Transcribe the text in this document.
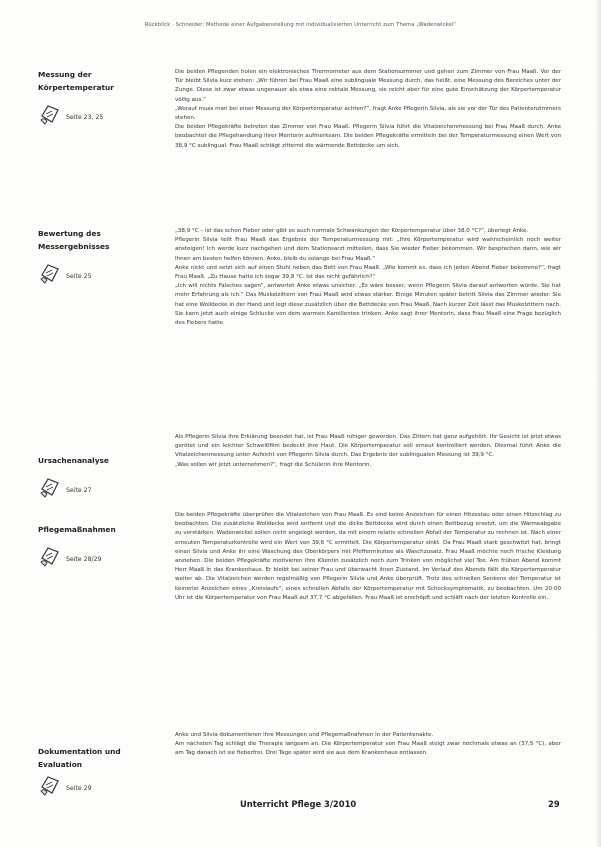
Rückblick · Schneider: Methode einer Aufgabenstellung mit individualisierten Unterricht zum Thema „Wadenwickel“
Messung der Körpertemperatur
Seite 23, 25

Die beiden Pflegenden holen ein elektronisches Thermometer aus dem Stationszimmer und gehen zum Zimmer von Frau Maaß. Vor der Tür bleibt Silvia kurz stehen: „Wir führen bei Frau Maaß eine sublinguale Messung durch, das heißt, eine Messung des Bereiches unter der Zunge. Diese ist zwar etwas ungenauer als etwa eine rektale Messung, sie reicht aber für eine gute Einschätzung der Körpertemperatur völlig aus.“

„Worauf muss man bei einer Messung der Körpertemperatur achten?“, fragt Anke Pflegerin Silvia, als sie vor der Tür des Patientenzimmers stehen.

Die beiden Pflegekräfte betreten das Zimmer von Frau Maaß. Pflegerin Silvia führt die Vitalzeichenmessung bei Frau Maaß durch. Anke beobachtet die Pflegehandlung ihrer Mentorin aufmerksam. Die beiden Pflegekräfte ermitteln bei der Temperaturmessung einen Wert von 38,9 °C sublingual. Frau Maaß schlägt zitternd die wärmende Bettdecke um sich.

Bewertung des Messergebnisses
Seite 25

„38,9 °C – ist das schon Fieber oder gibt es auch normale Schwankungen der Körpertemperatur über 38,0 °C?“, überlegt Anke.

Pflegerin Silvia teilt Frau Maaß das Ergebnis der Temperaturmessung mit: „Ihre Körpertemperatur wird wahrscheinlich noch weiter ansteigen! Ich werde kurz nachgehen und dem Stationsarzt mitteilen, dass Sie wieder Fieber bekommen. Wir besprechen dann, wie wir Ihnen am besten helfen können. Anke, bleib du solange bei Frau Maaß.“

Anke nickt und setzt sich auf einen Stuhl neben das Bett von Frau Maaß. „Wie kommt es, dass ich jeden Abend Fieber bekomme?“, fragt Frau Maaß. „Zu Hause hatte ich sogar 39,8 °C. Ist das nicht gefährlich?“

„Ich will nichts Falsches sagen“, antwortet Anke etwas unsicher. „Es wäre besser, wenn Pflegerin Silvia darauf antworten würde. Sie hat mehr Erfahrung als ich.“ Das Muskelzittern von Frau Maaß wird etwas stärker. Einige Minuten später betritt Silvia das Zimmer wieder. Sie hat eine Wolldecke in der Hand und legt diese zusätzlich über die Bettdecke von Frau Maaß. Nach kurzer Zeit lässt das Muskelzittern nach. Sie kann jetzt auch einige Schlucke von dem warmen Kamillentee trinken. Anke sagt ihrer Mentorin, dass Frau Maaß eine Frage bezüglich des Fiebers hatte.

Ursachenanalyse
Seite 27

Als Pflegerin Silvia ihre Erklärung beendet hat, ist Frau Maaß ruhiger geworden. Das Zittern hat ganz aufgehört. Ihr Gesicht ist jetzt etwas gerötet und ein leichter Schweißfilm bedeckt ihre Haut. Die Körpertemperatur soll erneut kontrolliert werden. Diesmal führt Anke die Vitalzeichenmessung unter Aufsicht von Pflegerin Silvia durch. Das Ergebnis der sublingualen Messung ist 39,9 °C.

„Was sollen wir jetzt unternehmen?“, fragt die Schülerin ihre Mentorin.

Pflegemaßnahmen
Seite 28/29

Die beiden Pflegekräfte überprüfen die Vitalzeichen von Frau Maaß. Es sind keine Anzeichen für einen Hitzestau oder einen Hitzschlag zu beobachten. Die zusätzliche Wolldecke wird entfernt und die dicke Bettdecke wird durch einen Bettbezug ersetzt, um die Wärmeabgabe zu verstärken. Wadenwickel sollen nicht angelegt werden, da mit einem relativ schnellen Abfall der Temperatur zu rechnen ist. Nach einer erneuten Temperaturkontrolle wird ein Wert von 39,6 °C ermittelt. Die Körpertemperatur sinkt. Da Frau Maaß stark geschwitzt hat, bringt einen Silvia und Anke ihr eine Waschung des Oberkörpers mit Pfefferminztee als Waschzusatz. Frau Maaß möchte noch frische Kleidung anziehen. Die beiden Pflegekräfte motivieren ihre Klientin zusätzlich noch zum Trinken von möglichst viel Tee. Am frühen Abend kommt Herr Maaß in das Krankenhaus. Er bleibt bei seiner Frau und überwacht ihren Zustand. Im Verlauf des Abends fällt die Körpertemperatur weiter ab. Die Vitalzeichen werden regelmäßig von Pflegerin Silvia und Anke überprüft. Trotz des schnellen Senkens der Temperatur ist keinerlei Anzeichen eines „Kreislaufs“, eines schnellen Abfalls der Körpertemperatur mit Schocksymptomatik, zu beobachten. Um 20:00 Uhr ist die Körpertemperatur von Frau Maaß auf 37,7 °C abgefallen. Frau Maaß ist erschöpft und schläft nach der letzten Kontrolle ein.

Dokumentation und Evaluation
Seite 29

Anke und Silvia dokumentieren ihre Messungen und Pflegemaßnahmen in der Patientenakte.

Am nächsten Tag schlägt die Therapie langsam an. Die Körpertemperatur von Frau Maaß steigt zwar nochmals etwas an (37,5 °C), aber am Tag danach ist sie fieberfrei. Drei Tage später wird sie aus dem Krankenhaus entlassen.

Unterricht Pflege 3/2010	29
